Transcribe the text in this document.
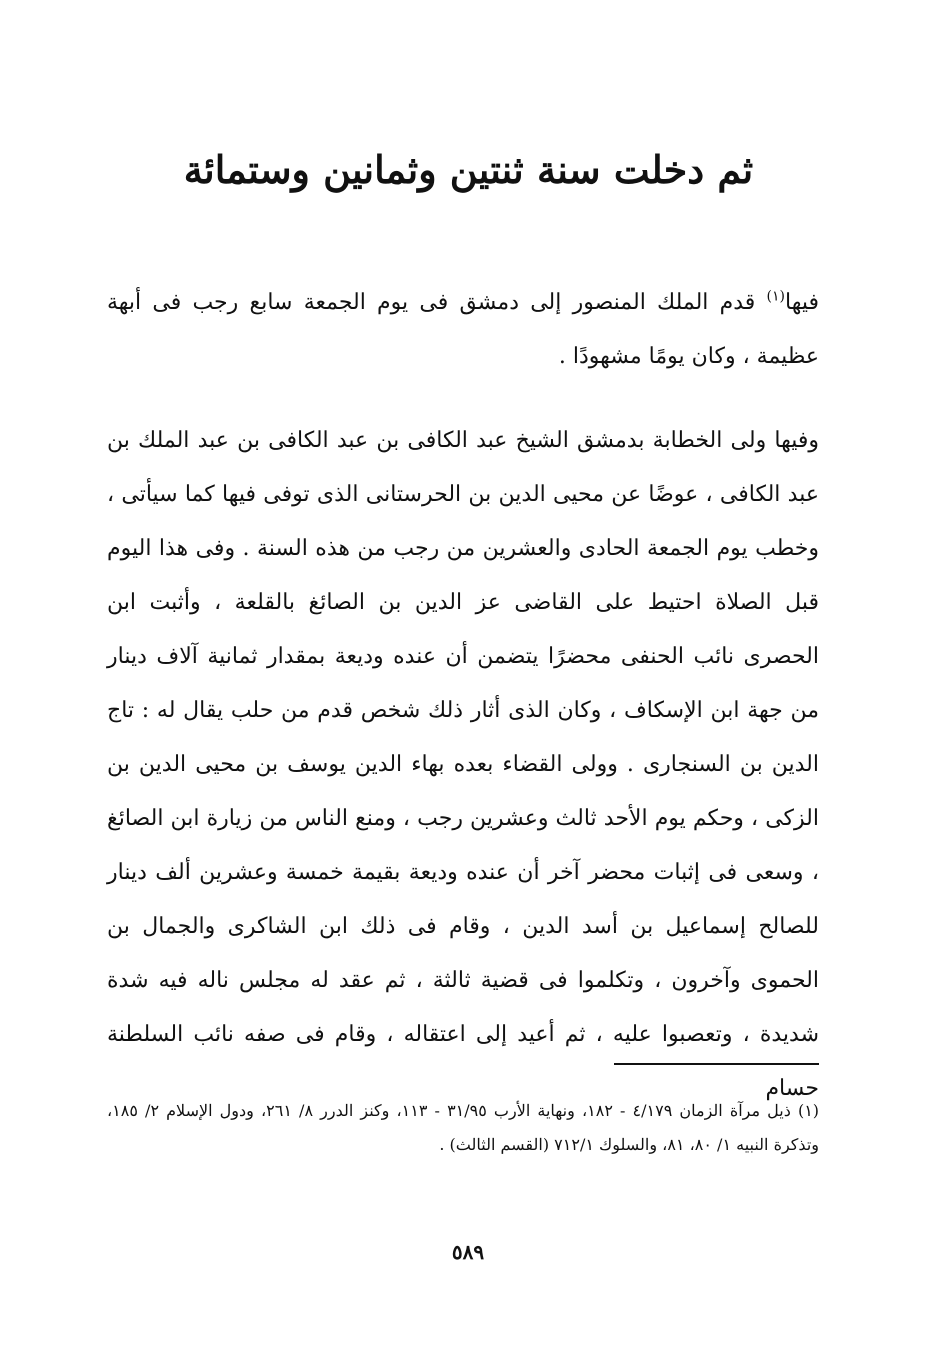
ثم دخلت سنة ثنتين وثمانين وستمائة

فيها$^{(١)}$ قدم الملك المنصور إلى دمشق فى يوم الجمعة سابع رجب فى أبهة عظيمة ، وكان يومًا مشهودًا .

وفيها ولى الخطابة بدمشق الشيخ عبد الكافى بن عبد الكافى بن عبد الملك بن عبد الكافى ، عوضًا عن محيى الدين بن الحرستانى الذى توفى فيها كما سيأتى ، وخطب يوم الجمعة الحادى والعشرين من رجب من هذه السنة . وفى هذا اليوم قبل الصلاة احتيط على القاضى عز الدين بن الصائغ بالقلعة ، وأثبت ابن الحصرى نائب الحنفى محضرًا يتضمن أن عنده وديعة بمقدار ثمانية آلاف دينار من جهة ابن الإسكاف ، وكان الذى أثار ذلك شخص قدم من حلب يقال له : تاج الدين بن السنجارى . وولى القضاء بعده بهاء الدين يوسف بن محيى الدين بن الزكى ، وحكم يوم الأحد ثالث وعشرين رجب ، ومنع الناس من زيارة ابن الصائغ ، وسعى فى إثبات محضر آخر أن عنده وديعة بقيمة خمسة وعشرين ألف دينار للصالح إسماعيل بن أسد الدين ، وقام فى ذلك ابن الشاكرى والجمال بن الحموى وآخرون ، وتكلموا فى قضية ثالثة ، ثم عقد له مجلس ناله فيه شدة شديدة ، وتعصبوا عليه ، ثم أعيد إلى اعتقاله ، وقام فى صفه نائب السلطنة حسام

(١) ذيل مرآة الزمان ٤/١٧٩ - ١٨٢، ونهاية الأرب ٣١/٩٥ - ١١٣، وكنز الدرر ٨/ ٢٦١، ودول الإسلام ٢/ ١٨٥، وتذكرة النبيه ١/ ٨٠، ٨١، والسلوك ٧١٢/١ (القسم الثالث) .

٥٨٩
